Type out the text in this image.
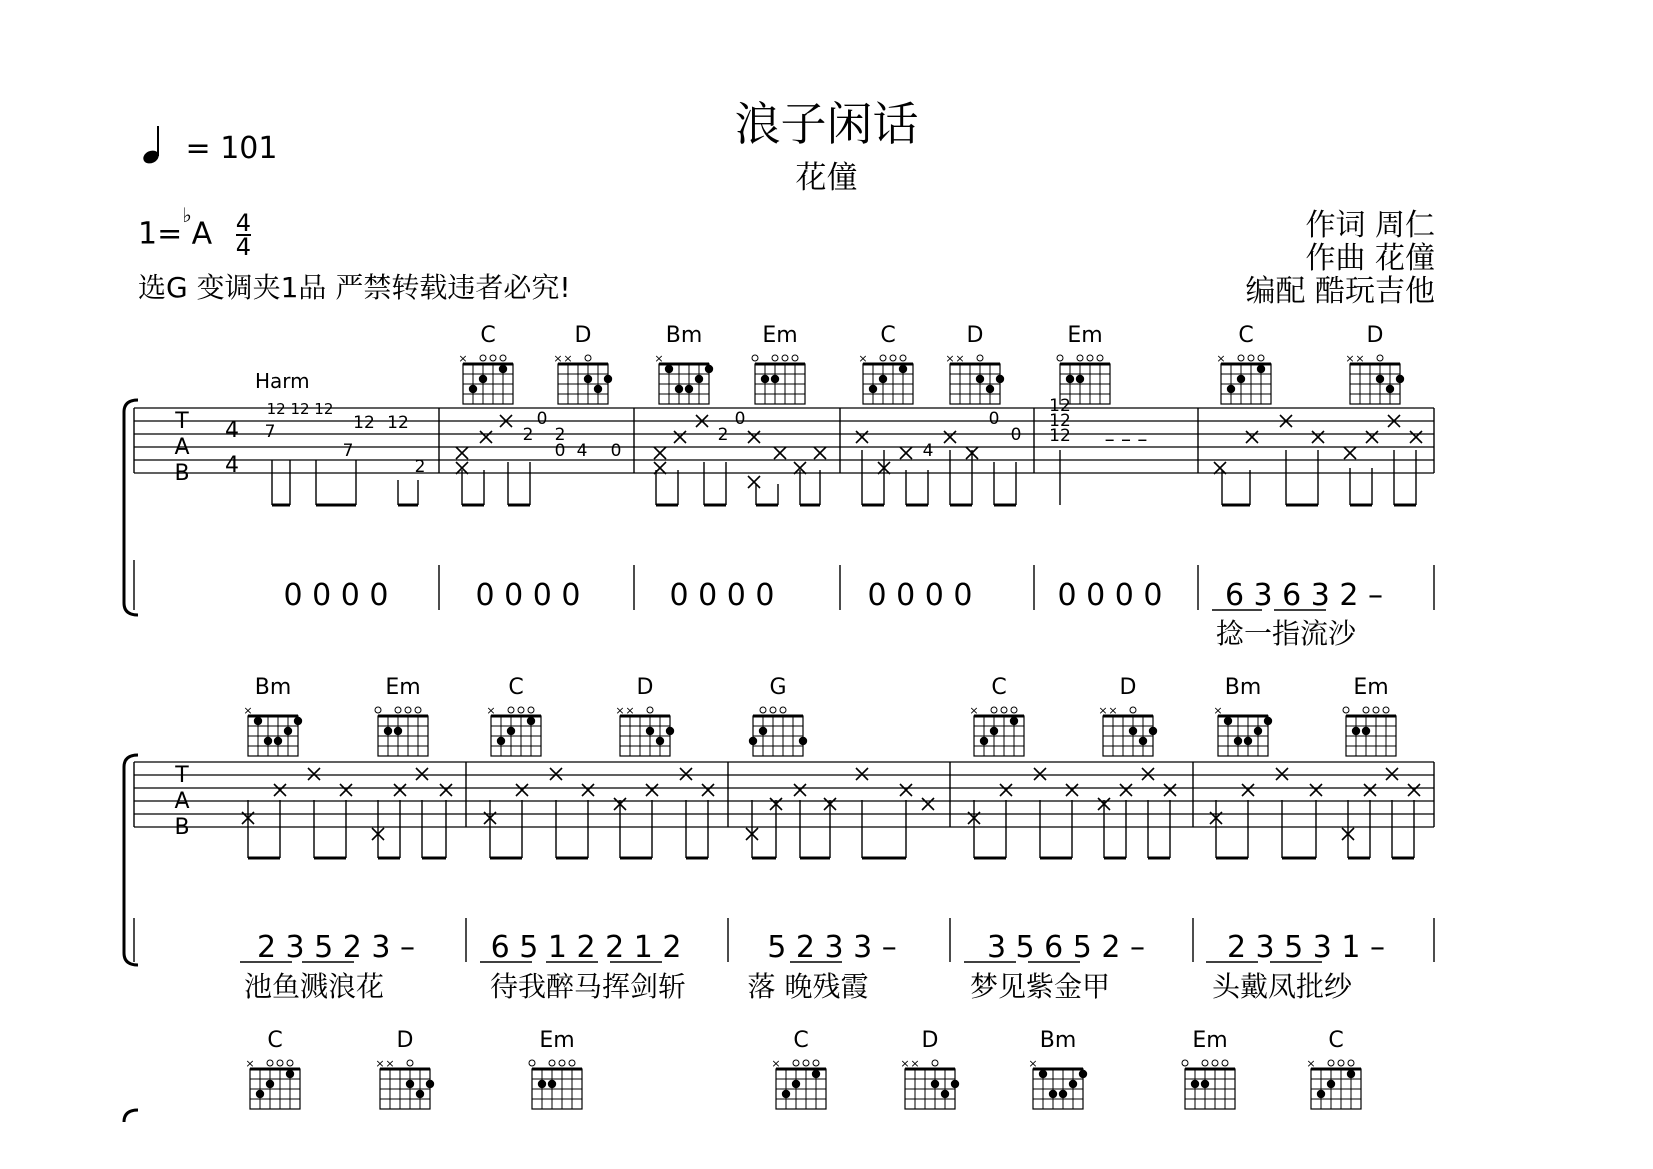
浪子闲话
花僮
= 101
$1=^♭A \frac{4}{4}$
选G 变调夹1品 严禁转载违者必究!
作词 周仁
作曲 花僮
编配 酷玩吉他
C
×
D
× ×
Bm
×
Em	C
×
D
× ×
Em	C
×
D
× ×
T
A
B
Harm
12 12 12
4
4
7
7
12 12
2
2
0
2
0 4 0
2
0
4
0
0
12
12
12 – – –
0 0 0 0	0 0 0 0	0 0 0 0	0 0 0 0	0 0 0 0 6 3 6 3 2 –
捻一指流沙
Bm
×
Em	C
×
D
× ×
G	C
×
D
× ×
Bm
×
Em
T
A
B
2 3 5 2 3 –	6 5 1 2 2 1 2	5 2 3 3 –	3 5 6 5 2 –	2 3 5 3 1 –
池鱼溅浪花	待我醉马挥剑斩 落 晚残霞	梦见紫金甲	头戴凤批纱
C
×
D
× ×
Em	C
×
D
× ×
Bm
×
Em	C
×
